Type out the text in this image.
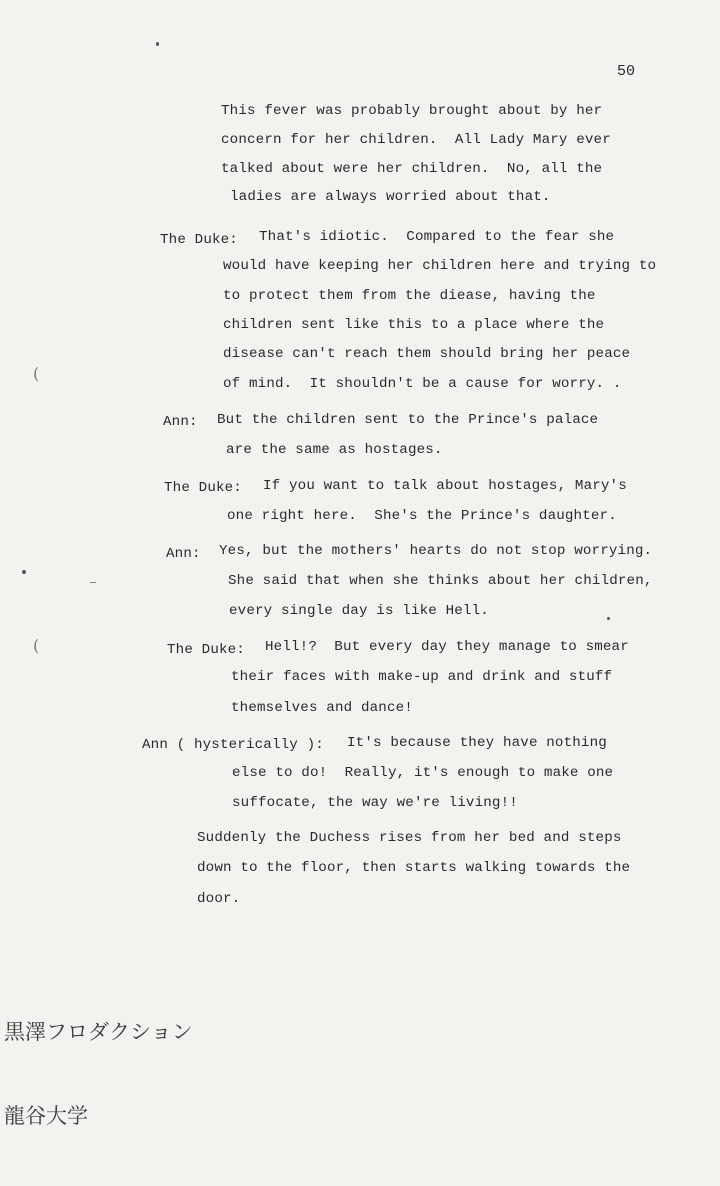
50
This fever was probably brought about by her
concern for her children.  All Lady Mary ever
talked about were her children.  No, all the
ladies are always worried about that.
The Duke: That's idiotic.  Compared to the fear she
would have keeping her children here and trying to
to protect them from the diease, having the
children sent like this to a place where the
disease can't reach them should bring her peace
of mind.  It shouldn't be a cause for worry. .
Ann: But the children sent to the Prince's palace
are the same as hostages.
The Duke: If you want to talk about hostages, Mary's
one right here.  She's the Prince's daughter.
Ann: Yes, but the mothers' hearts do not stop worrying.
She said that when she thinks about her children,
every single day is like Hell.
The Duke: Hell!?  But every day they manage to smear
their faces with make-up and drink and stuff
themselves and dance!
Ann ( hysterically ): It's because they have nothing
else to do!  Really, it's enough to make one
suffocate, the way we're living!!
Suddenly the Duchess rises from her bed and steps
down to the floor, then starts walking towards the
door.
(
(

黒澤フロダクション

龍谷大学
